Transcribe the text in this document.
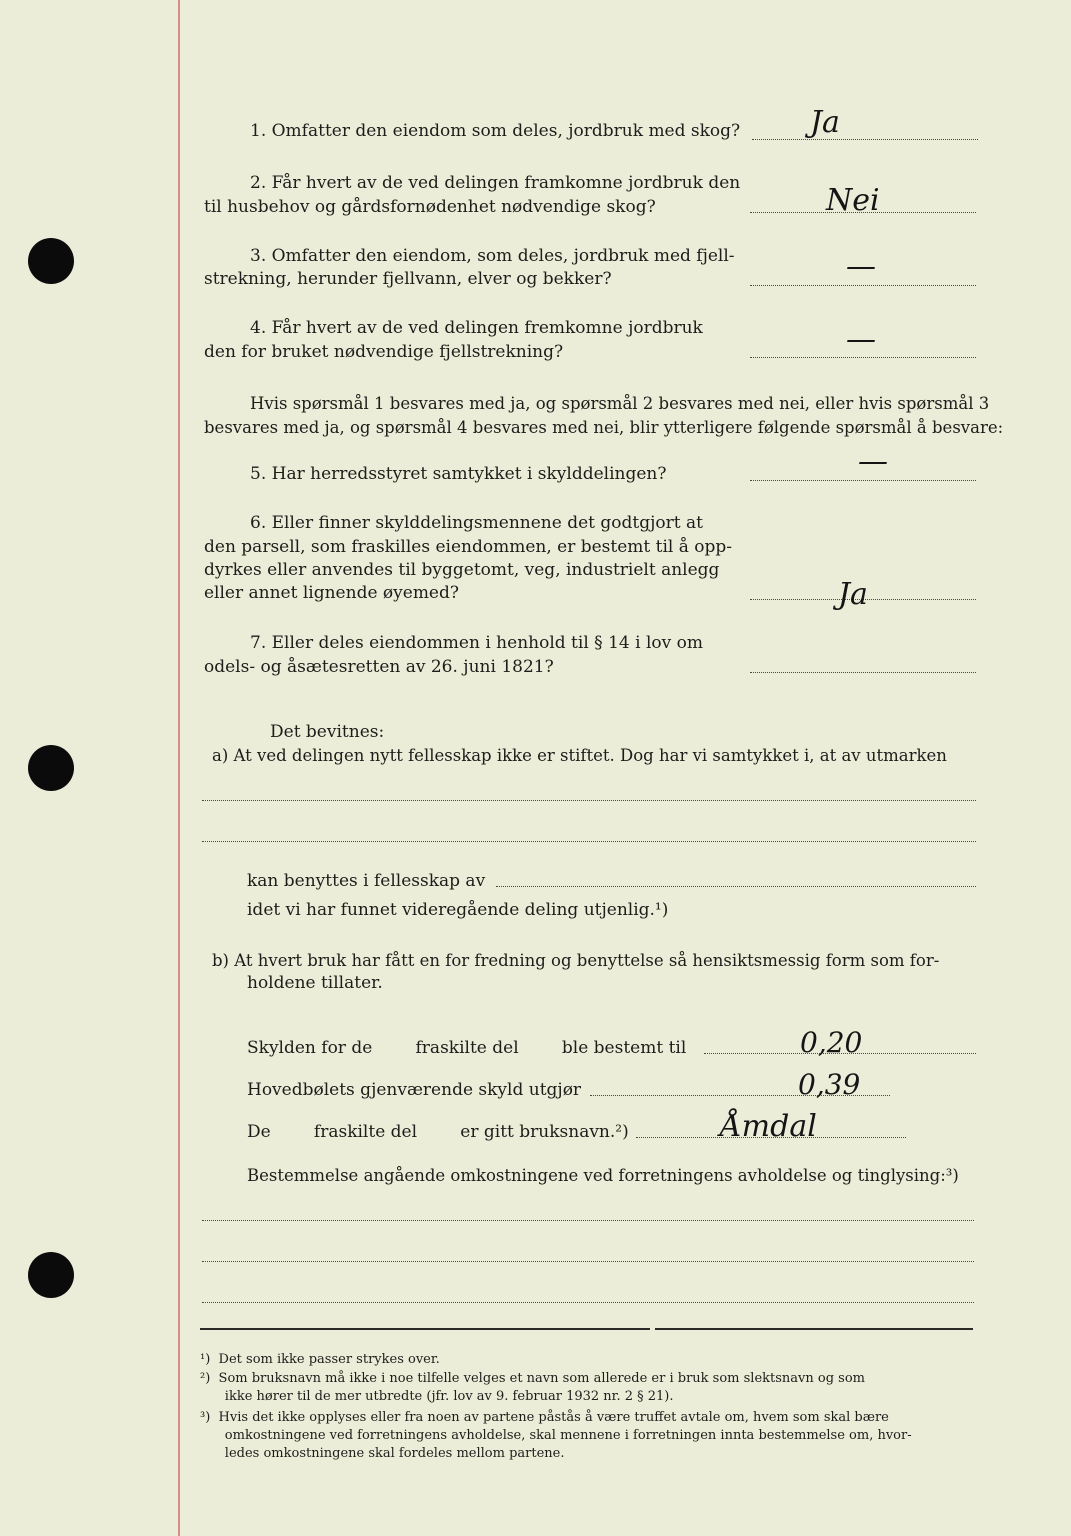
1. Omfatter den eiendom som deles, jordbruk med skog? Ja
2. Får hvert av de ved delingen framkomne jordbruk den
til husbehov og gårdsfornødenhet nødvendige skog?	Nei
3. Omfatter den eiendom, som deles, jordbruk med fjell-
strekning, herunder fjellvann, elver og bekker?	—
4. Får hvert av de ved delingen fremkomne jordbruk
den for bruket nødvendige fjellstrekning?	—
Hvis spørsmål 1 besvares med ja, og spørsmål 2 besvares med nei, eller hvis spørsmål 3
besvares med ja, og spørsmål 4 besvares med nei, blir ytterligere følgende spørsmål å besvare:
5. Har herredsstyret samtykket i skylddelingen?	—
6. Eller finner skylddelingsmennene det godtgjort at
den parsell, som fraskilles eiendommen, er bestemt til å opp-
dyrkes eller anvendes til byggetomt, veg, industrielt anlegg
eller annet lignende øyemed?	Ja
7. Eller deles eiendommen i henhold til § 14 i lov om
odels- og åsætesretten av 26. juni 1821?
Det bevitnes:
a) At ved delingen nytt fellesskap ikke er stiftet. Dog har vi samtykket i, at av utmarken
kan benyttes i fellesskap av
idet vi har funnet videregående deling utjenlig.¹)
b) At hvert bruk har fått en for fredning og benyttelse så hensiktsmessig form som for-
holdene tillater.
Skylden for de        fraskilte del        ble bestemt til	0,20
Hovedbølets gjenværende skyld utgjør	0,39
De        fraskilte del        er gitt bruksnavn.²)	Åmdal
Bestemmelse angående omkostningene ved forretningens avholdelse og tinglysing:³)
¹)  Det som ikke passer strykes over.
²)  Som bruksnavn må ikke i noe tilfelle velges et navn som allerede er i bruk som slektsnavn og som
ikke hører til de mer utbredte (jfr. lov av 9. februar 1932 nr. 2 § 21).
³)  Hvis det ikke opplyses eller fra noen av partene påstås å være truffet avtale om, hvem som skal bære
omkostningene ved forretningens avholdelse, skal mennene i forretningen innta bestemmelse om, hvor-
ledes omkostningene skal fordeles mellom partene.
